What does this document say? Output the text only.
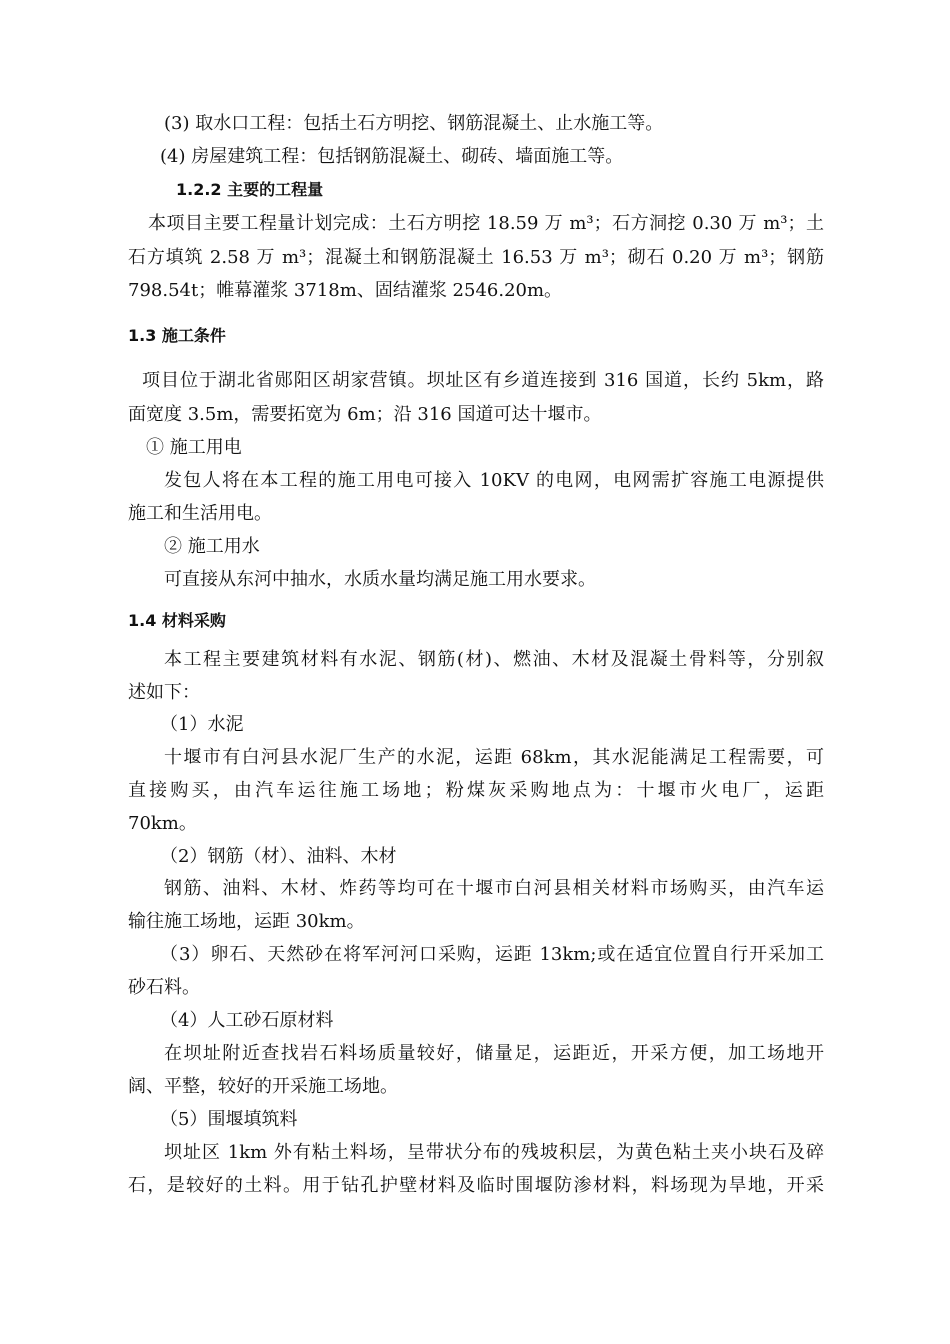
(3) 取水口工程：包括土石方明挖、钢筋混凝土、止水施工等。

(4) 房屋建筑工程：包括钢筋混凝土、砌砖、墙面施工等。

1.2.2 主要的工程量

本项目主要工程量计划完成：土石方明挖 18.59 万 m³；石方洞挖 0.30 万 m³；土

石方填筑 2.58 万 m³；混凝土和钢筋混凝土 16.53 万 m³；砌石 0.20 万 m³；钢筋

798.54t；帷幕灌浆 3718m、固结灌浆 2546.20m。

1.3 施工条件

项目位于湖北省郧阳区胡家营镇。坝址区有乡道连接到 316 国道，长约 5km，路

面宽度 3.5m，需要拓宽为 6m；沿 316 国道可达十堰市。

① 施工用电

发包人将在本工程的施工用电可接入 10KV 的电网，电网需扩容施工电源提供

施工和生活用电。

② 施工用水

可直接从东河中抽水，水质水量均满足施工用水要求。

1.4 材料采购

本工程主要建筑材料有水泥、钢筋(材)、燃油、木材及混凝土骨料等，分别叙

述如下：

（1）水泥

十堰市有白河县水泥厂生产的水泥，运距 68km，其水泥能满足工程需要，可

直接购买，由汽车运往施工场地；粉煤灰采购地点为：十堰市火电厂，运距

70km。

（2）钢筋（材）、油料、木材

钢筋、油料、木材、炸药等均可在十堰市白河县相关材料市场购买，由汽车运

输往施工场地，运距 30km。

（3）卵石、天然砂在将军河河口采购，运距 13km;或在适宜位置自行开采加工

砂石料。

（4）人工砂石原材料

在坝址附近查找岩石料场质量较好，储量足，运距近，开采方便，加工场地开

阔、平整，较好的开采施工场地。

（5）围堰填筑料

坝址区 1km 外有粘土料场，呈带状分布的残坡积层，为黄色粘土夹小块石及碎

石，是较好的土料。用于钻孔护壁材料及临时围堰防渗材料，料场现为旱地，开采
